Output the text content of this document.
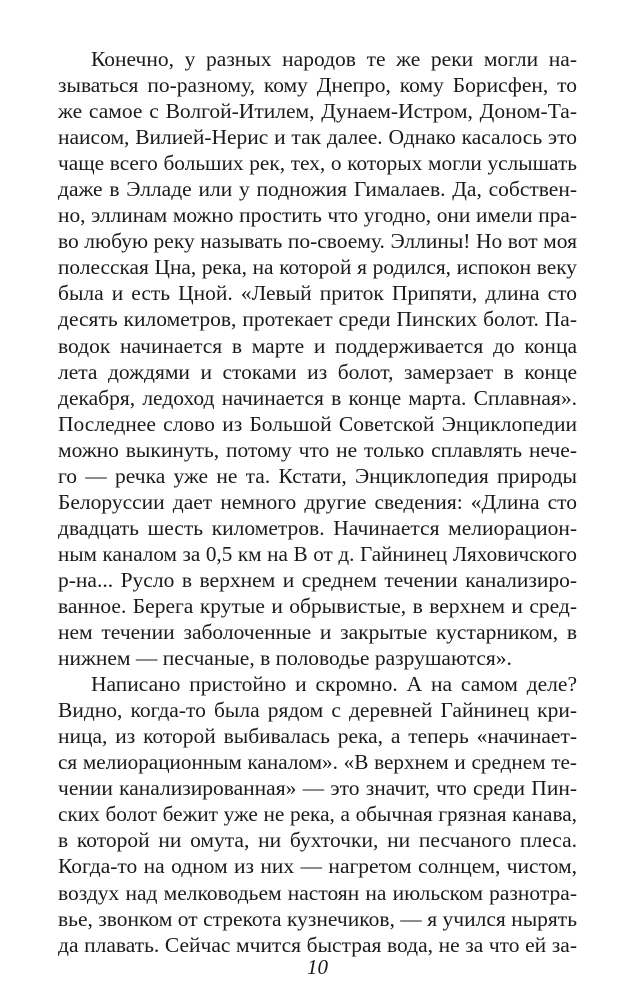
Конечно, у разных народов те же реки могли на-
зываться по-разному, кому Днепро, кому Борисфен, то
же самое с Волгой-Итилем, Дунаем-Истром, Доном-Та-
наисом, Вилией-Нерис и так далее. Однако касалось это
чаще всего больших рек, тех, о которых могли услышать
даже в Элладе или у подножия Гималаев. Да, собствен-
но, эллинам можно простить что угодно, они имели пра-
во любую реку называть по-своему. Эллины! Но вот моя
полесская Цна, река, на которой я родился, испокон веку
была и есть Цной. «Левый приток Припяти, длина сто
десять километров, протекает среди Пинских болот. Па-
водок начинается в марте и поддерживается до конца
лета дождями и стоками из болот, замерзает в конце
декабря, ледоход начинается в конце марта. Сплавная».
Последнее слово из Большой Советской Энциклопедии
можно выкинуть, потому что не только сплавлять нече-
го — речка уже не та. Кстати, Энциклопедия природы
Белоруссии дает немного другие сведения: «Длина сто
двадцать шесть километров. Начинается мелиорацион-
ным каналом за 0,5 км на В от д. Гайнинец Ляховичского
р-на... Русло в верхнем и среднем течении канализиро-
ванное. Берега крутые и обрывистые, в верхнем и сред-
нем течении заболоченные и закрытые кустарником, в
нижнем — песчаные, в половодье разрушаются».
Написано пристойно и скромно. А на самом деле?
Видно, когда-то была рядом с деревней Гайнинец кри-
ница, из которой выбивалась река, а теперь «начинает-
ся мелиорационным каналом». «В верхнем и среднем те-
чении канализированная» — это значит, что среди Пин-
ских болот бежит уже не река, а обычная грязная канава,
в которой ни омута, ни бухточки, ни песчаного плеса.
Когда-то на одном из них — нагретом солнцем, чистом,
воздух над мелководьем настоян на июльском разнотра-
вье, звонком от стрекота кузнечиков, — я учился нырять
да плавать. Сейчас мчится быстрая вода, не за что ей за-
10
